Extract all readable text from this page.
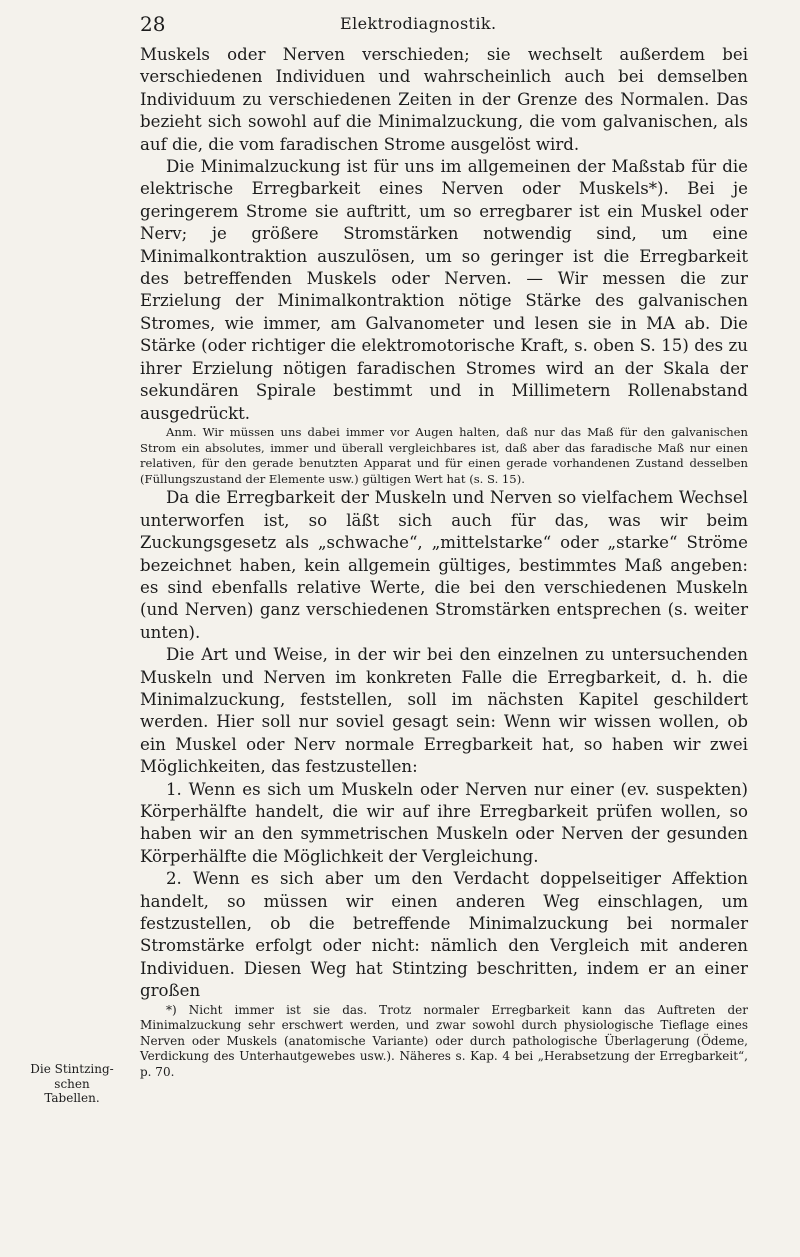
28	Elektrodiagnostik.

Muskels oder Nerven verschieden; sie wechselt außerdem bei verschiedenen Individuen und wahrscheinlich auch bei demselben Individuum zu verschiedenen Zeiten in der Grenze des Normalen. Das bezieht sich sowohl auf die Minimalzuckung, die vom galvanischen, als auf die, die vom faradischen Strome ausgelöst wird.

Die Minimalzuckung ist für uns im allgemeinen der Maßstab für die elektrische Erregbarkeit eines Nerven oder Muskels*). Bei je geringerem Strome sie auftritt, um so erregbarer ist ein Muskel oder Nerv; je größere Stromstärken notwendig sind, um eine Minimalkontraktion auszulösen, um so geringer ist die Erregbarkeit des betreffenden Muskels oder Nerven. — Wir messen die zur Erzielung der Minimalkontraktion nötige Stärke des galvanischen Stromes, wie immer, am Galvanometer und lesen sie in MA ab. Die Stärke (oder richtiger die elektromotorische Kraft, s. oben S. 15) des zu ihrer Erzielung nötigen faradischen Stromes wird an der Skala der sekundären Spirale bestimmt und in Millimetern Rollenabstand ausgedrückt.

Anm. Wir müssen uns dabei immer vor Augen halten, daß nur das Maß für den galvanischen Strom ein absolutes, immer und überall vergleichbares ist, daß aber das faradische Maß nur einen relativen, für den gerade benutzten Apparat und für einen gerade vorhandenen Zustand desselben (Füllungszustand der Elemente usw.) gültigen Wert hat (s. S. 15).

Da die Erregbarkeit der Muskeln und Nerven so vielfachem Wechsel unterworfen ist, so läßt sich auch für das, was wir beim Zuckungsgesetz als „schwache“, „mittelstarke“ oder „starke“ Ströme bezeichnet haben, kein allgemein gültiges, bestimmtes Maß angeben: es sind ebenfalls relative Werte, die bei den verschiedenen Muskeln (und Nerven) ganz verschiedenen Stromstärken entsprechen (s. weiter unten).

Die Art und Weise, in der wir bei den einzelnen zu untersuchenden Muskeln und Nerven im konkreten Falle die Erregbarkeit, d. h. die Minimalzuckung, feststellen, soll im nächsten Kapitel geschildert werden. Hier soll nur soviel gesagt sein: Wenn wir wissen wollen, ob ein Muskel oder Nerv normale Erregbarkeit hat, so haben wir zwei Möglichkeiten, das festzustellen:

1. Wenn es sich um Muskeln oder Nerven nur einer (ev. suspekten) Körperhälfte handelt, die wir auf ihre Erregbarkeit prüfen wollen, so haben wir an den symmetrischen Muskeln oder Nerven der gesunden Körperhälfte die Möglichkeit der Vergleichung.

2. Wenn es sich aber um den Verdacht doppelseitiger Affektion handelt, so müssen wir einen anderen Weg einschlagen, um festzustellen, ob die betreffende Minimalzuckung bei normaler Stromstärke erfolgt oder nicht: nämlich den Vergleich mit anderen Individuen. Diesen Weg hat Stintzing beschritten, indem er an einer großen

*) Nicht immer ist sie das. Trotz normaler Erregbarkeit kann das Auftreten der Minimalzuckung sehr erschwert werden, und zwar sowohl durch physiologische Tieflage eines Nerven oder Muskels (anatomische Variante) oder durch pathologische Überlagerung (Ödeme, Verdickung des Unterhautgewebes usw.). Näheres s. Kap. 4 bei „Herabsetzung der Erregbarkeit“, p. 70.

Die Stintzing-schen Tabellen.
